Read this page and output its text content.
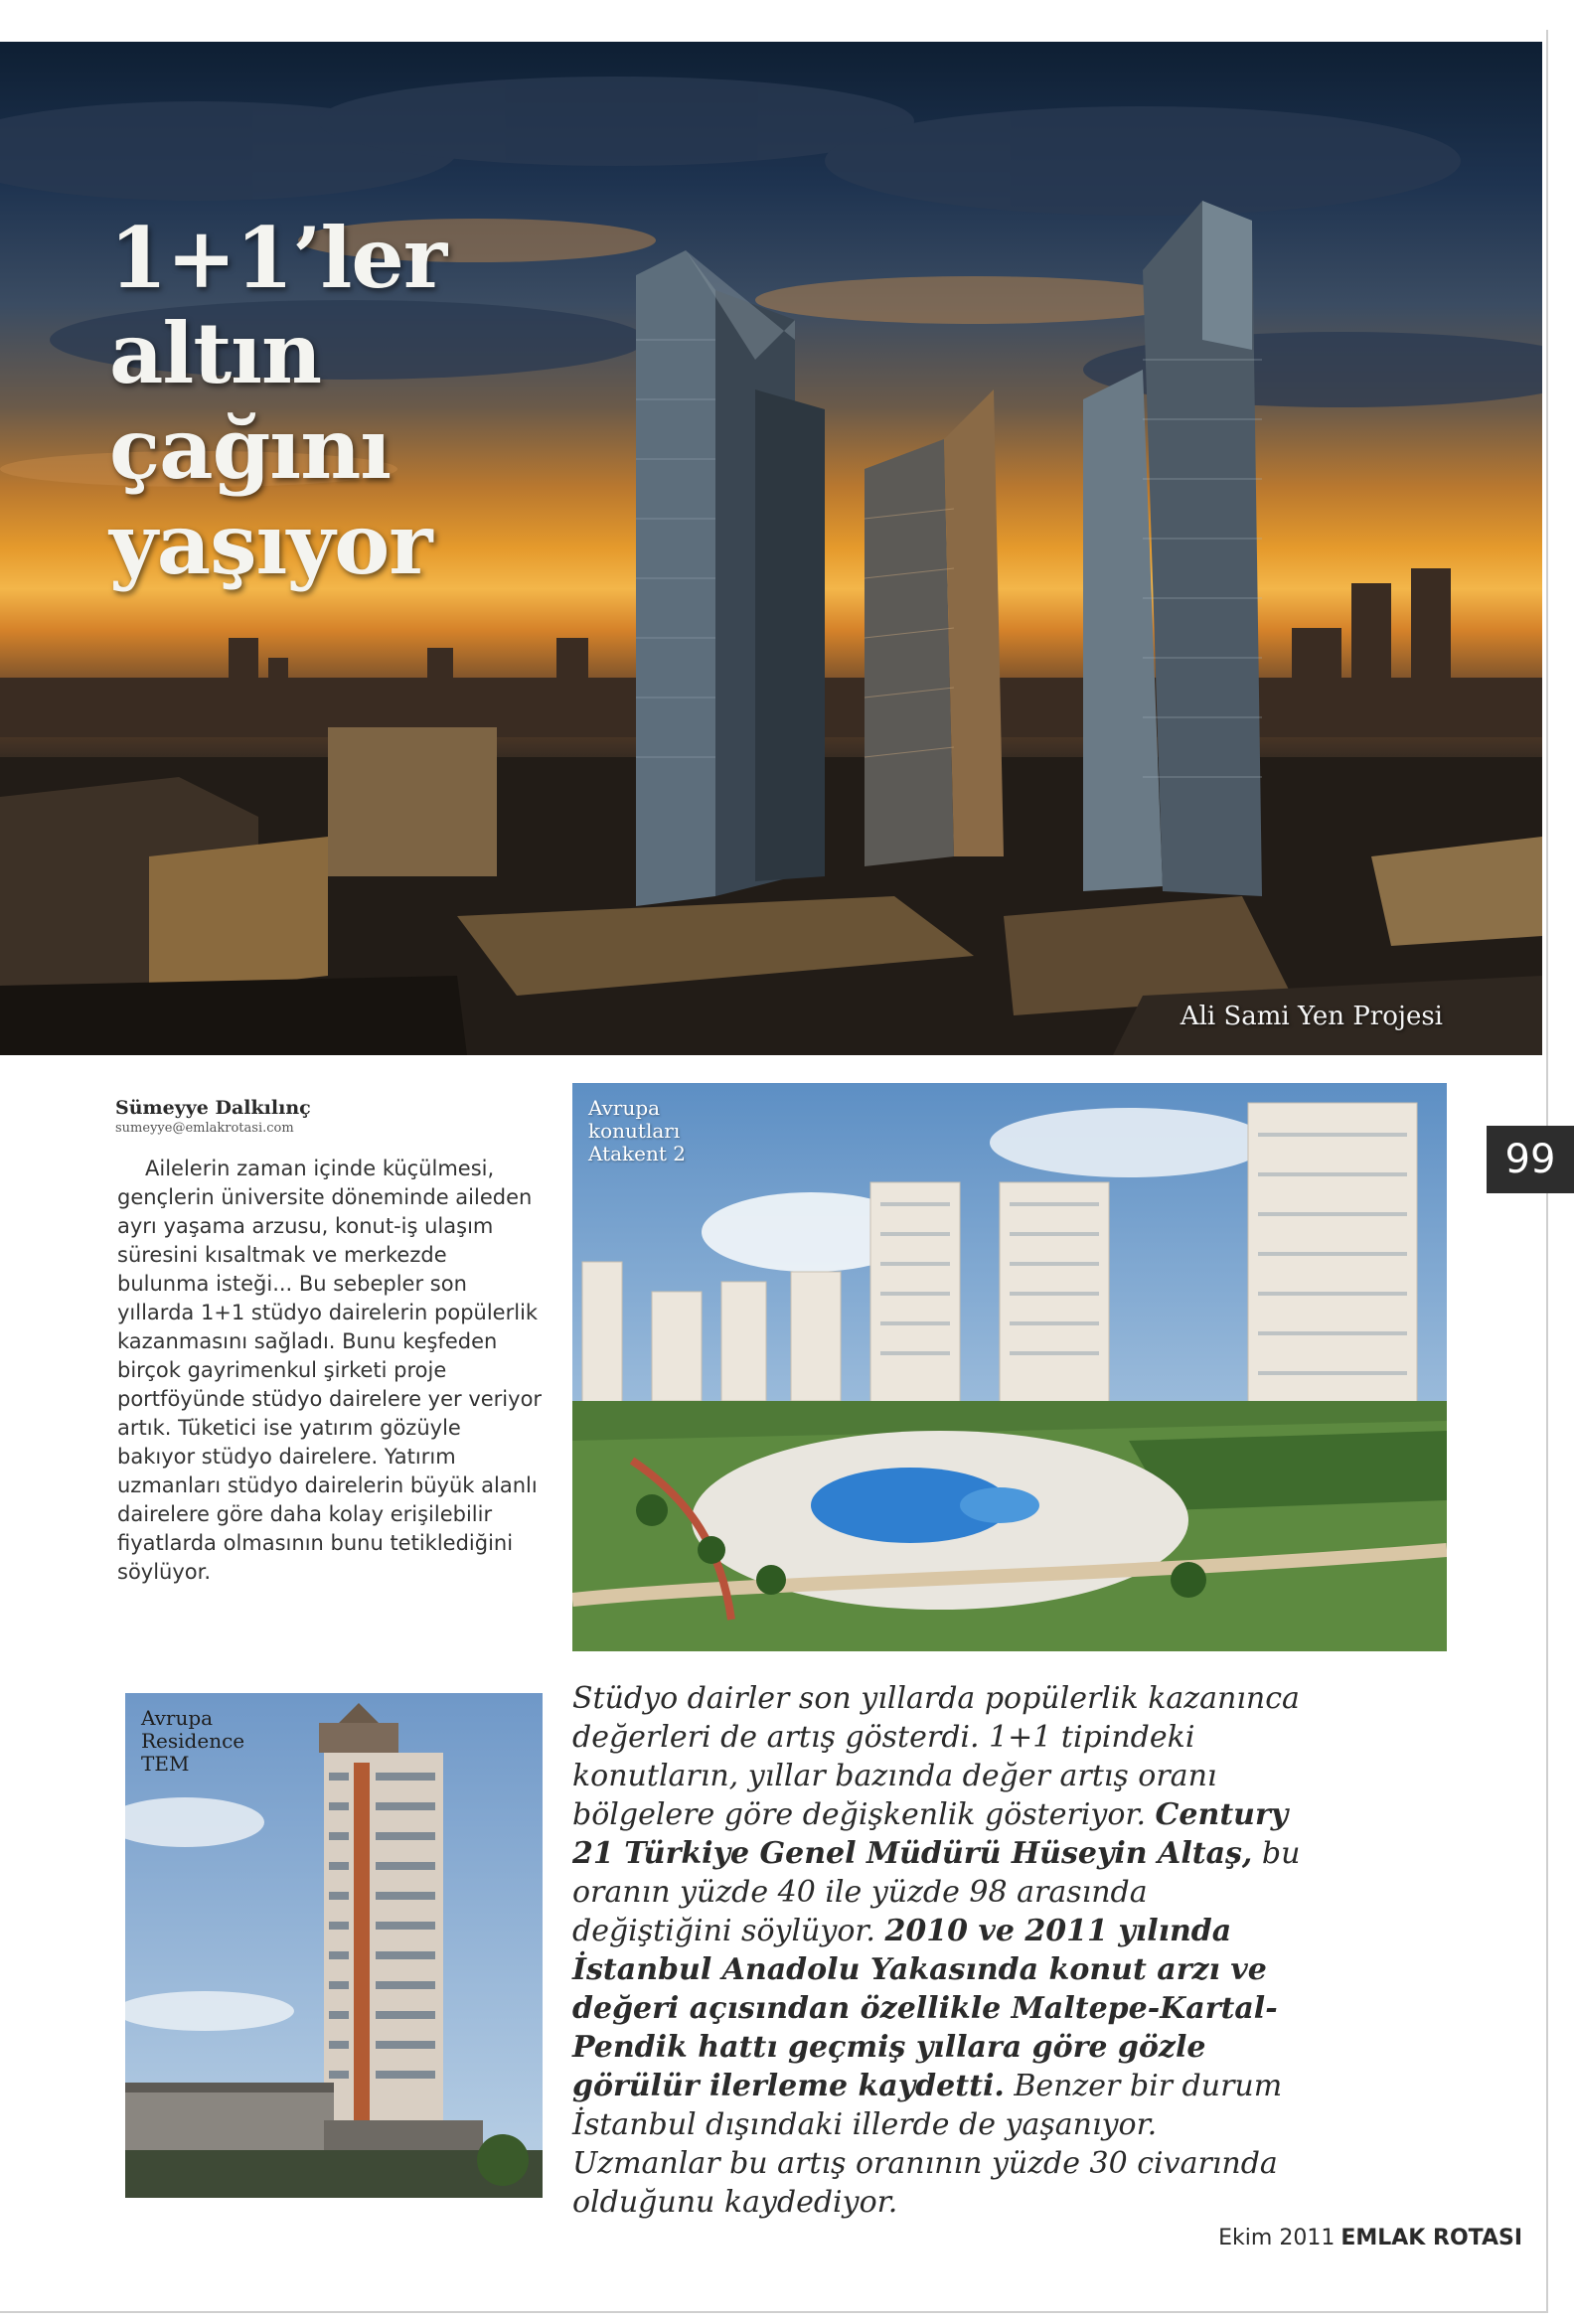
1+1’ler
altın
çağını
yaşıyor
Ali Sami Yen Projesi
99
Sümeyye Dalkılınç
sumeyye@emlakrotasi.com

Ailelerin zaman içinde küçülmesi, gençlerin üniversite döneminde aileden ayrı yaşama arzusu, konut-iş ulaşım süresini kısaltmak ve merkezde bulunma isteği... Bu sebepler son yıllarda 1+1 stüdyo dairelerin popülerlik kazanmasını sağladı. Bunu keşfeden birçok gayrimenkul şirketi proje portföyünde stüdyo dairelere yer veriyor artık. Tüketici ise yatırım gözüyle bakıyor stüdyo dairelere. Yatırım uzmanları stüdyo dairelerin büyük alanlı dairelere göre daha kolay erişilebilir fiyatlarda olmasının bunu tetiklediğini söylüyor.

Avrupa
konutları
Atakent 2
Avrupa
Residence
TEM

Stüdyo dairler son yıllarda popülerlik kazanınca değerleri de artış gösterdi. 1+1 tipindeki konutların, yıllar bazında değer artış oranı bölgelere göre değişkenlik gösteriyor. Century 21 Türkiye Genel Müdürü Hüseyin Altaş, bu oranın yüzde 40 ile yüzde 98 arasında değiştiğini söylüyor. 2010 ve 2011 yılında İstanbul Anadolu Yakasında konut arzı ve değeri açısından özellikle Maltepe-Kartal-Pendik hattı geçmiş yıllara göre gözle görülür ilerleme kaydetti. Benzer bir durum İstanbul dışındaki illerde de yaşanıyor. Uzmanlar bu artış oranının yüzde 30 civarında olduğunu kaydediyor.

Ekim 2011 EMLAK ROTASI
